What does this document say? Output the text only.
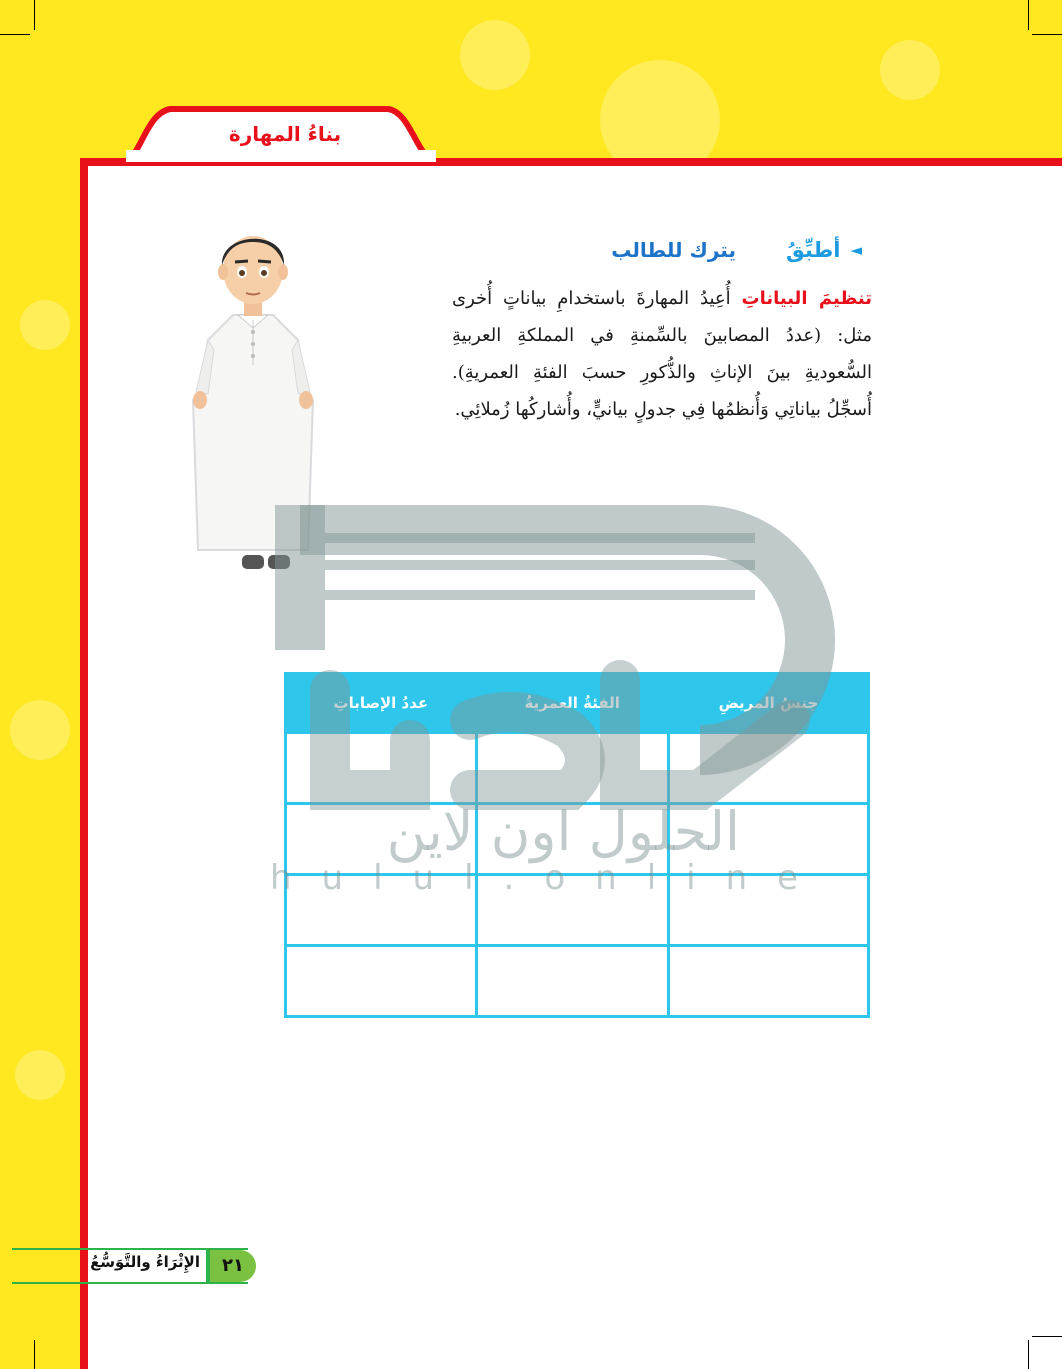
بناءُ المهارة
◄
أطبِّقُ
يترك للطالب
تنظيمَ البياناتِ أُعِيدُ المهارةَ باستخدامِ بياناتٍ أُخرى مثل: (عددُ المصابينَ بالسِّمنةِ في المملكةِ العربيةِ السُّعوديةِ بينَ الإناثِ والذُّكورِ حسبَ الفئةِ العمريةِ). أُسجِّلُ بياناتِي وَأُنظمُها فِي جدولٍ بيانيٍّ، وأُشاركُها زُملائِي.
جنسُ المريضِ	الفئةُ العمريةُ	عددُ الإصاباتِ

الحلول اون لاين
hulul.online
الإِثْرَاءُ والتَّوَسُّعُ	٢١
